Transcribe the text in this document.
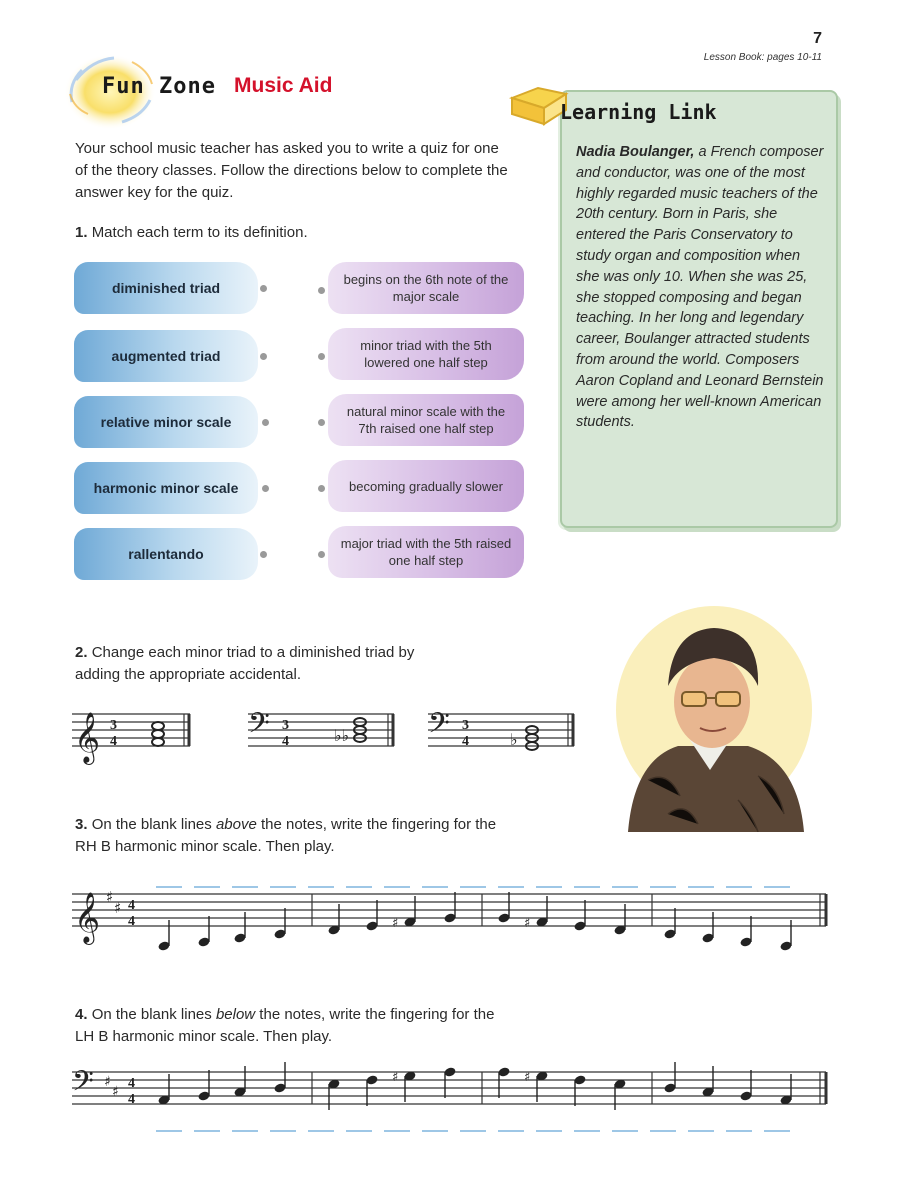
7
Lesson Book: pages 10-11
Fun Zone Music Aid
Your school music teacher has asked you to write a quiz for one of the theory classes. Follow the directions below to complete the answer key for the quiz.
1. Match each term to its definition.
diminished triad
augmented triad
relative minor scale
harmonic minor scale
rallentando
begins on the 6th note of the major scale
minor triad with the 5th lowered one half step
natural minor scale with the 7th raised one half step
becoming gradually slower
major triad with the 5th raised one half step
Learning Link
Nadia Boulanger, a French composer and conductor, was one of the most highly regarded music teachers of the 20th century. Born in Paris, she entered the Paris Conservatory to study organ and composition when she was only 10. When she was 25, she stopped composing and began teaching. In her long and legendary career, Boulanger attracted students from around the world. Composers Aaron Copland and Leonard Bernstein were among her well-known American students.
2. Change each minor triad to a diminished triad by adding the appropriate accidental.
𝄞 3
4	𝄢 3
4	♭♭ 𝄢 3
4	♭
3. On the blank lines above the notes, write the fingering for the RH B harmonic minor scale. Then play.
𝄞 ♯
♯ 4
4	♯	♯
4. On the blank lines below the notes, write the fingering for the LH B harmonic minor scale. Then play.
𝄢 ♯
♯
4
4
♯	♯
